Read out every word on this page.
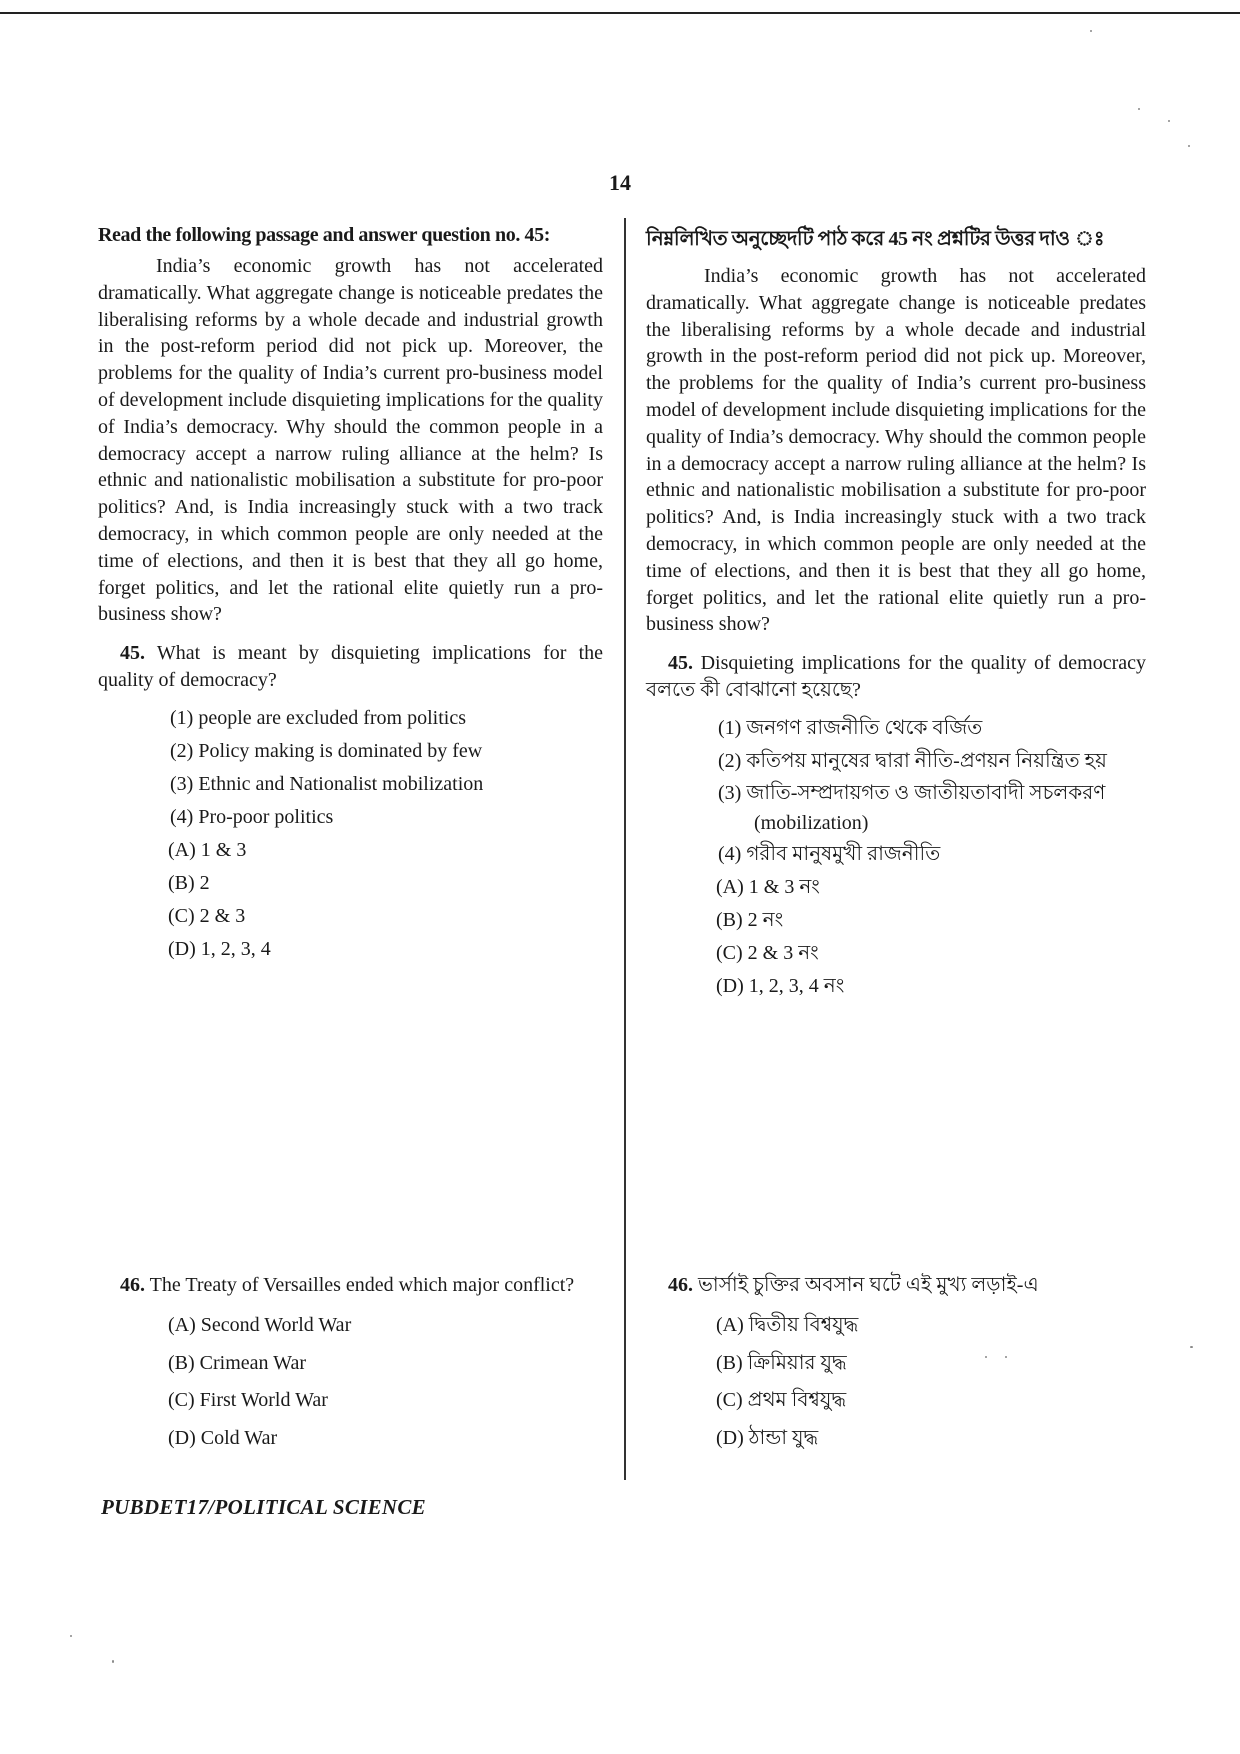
14

Read the following passage and answer question no. 45:

India’s economic growth has not accelerated dramatically. What aggregate change is noticeable predates the liberalising reforms by a whole decade and industrial growth in the post-reform period did not pick up. Moreover, the problems for the quality of India’s current pro-business model of development include disquieting implications for the quality of India’s democracy. Why should the common people in a democracy accept a narrow ruling alliance at the helm? Is ethnic and nationalistic mobilisation a substitute for pro-poor politics? And, is India increasingly stuck with a two track democracy, in which common people are only needed at the time of elections, and then it is best that they all go home, forget politics, and let the rational elite quietly run a pro-business show?

45. What is meant by disquieting implications for the quality of democracy?

(1) people are excluded from politics
(2) Policy making is dominated by few
(3) Ethnic and Nationalist mobilization
(4) Pro-poor politics
(A) 1 & 3
(B) 2
(C) 2 & 3
(D) 1, 2, 3, 4

নিম্নলিখিত অনুচ্ছেদটি পাঠ করে 45 নং প্রশ্নটির উত্তর দাও ঃ

India’s economic growth has not accelerated dramatically. What aggregate change is noticeable predates the liberalising reforms by a whole decade and industrial growth in the post-reform period did not pick up. Moreover, the problems for the quality of India’s current pro-business model of development include disquieting implications for the quality of India’s democracy. Why should the common people in a democracy accept a narrow ruling alliance at the helm? Is ethnic and nationalistic mobilisation a substitute for pro-poor politics? And, is India increasingly stuck with a two track democracy, in which common people are only needed at the time of elections, and then it is best that they all go home, forget politics, and let the rational elite quietly run a pro-business show?

45. Disquieting implications for the quality of democracy বলতে কী বোঝানো হয়েছে?

(1) জনগণ রাজনীতি থেকে বর্জিত
(2) কতিপয় মানুষের দ্বারা নীতি-প্রণয়ন নিয়ন্ত্রিত হয়
(3) জাতি-সম্প্রদায়গত ও জাতীয়তাবাদী সচলকরণ (mobilization)
(4) গরীব মানুষমুখী রাজনীতি
(A) 1 & 3 নং
(B) 2 নং
(C) 2 & 3 নং
(D) 1, 2, 3, 4 নং

46. The Treaty of Versailles ended which major conflict?

(A) Second World War
(B) Crimean War
(C) First World War
(D) Cold War

46. ভার্সাই চুক্তির অবসান ঘটে এই মুখ্য লড়াই-এ

(A) দ্বিতীয় বিশ্বযুদ্ধ
(B) ক্রিমিয়ার যুদ্ধ
(C) প্রথম বিশ্বযুদ্ধ
(D) ঠান্ডা যুদ্ধ
PUBDET17/POLITICAL SCIENCE
